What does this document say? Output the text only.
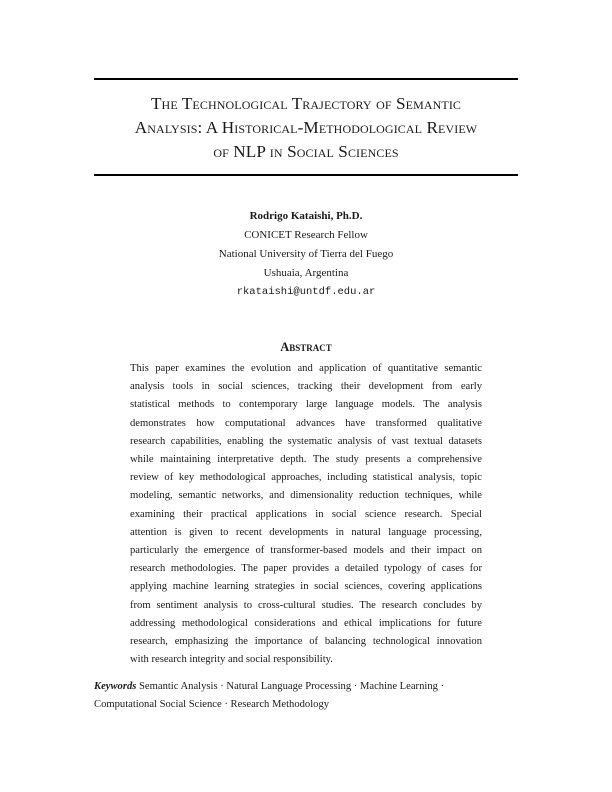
The Technological Trajectory of Semantic
Analysis: A Historical-Methodological Review
of NLP in Social Sciences
Rodrigo Kataishi, Ph.D.
CONICET Research Fellow
National University of Tierra del Fuego
Ushuaia, Argentina
rkataishi@untdf.edu.ar
Abstract
This paper examines the evolution and application of quantitative semantic
analysis tools in social sciences, tracking their development from early
statistical methods to contemporary large language models. The analysis
demonstrates how computational advances have transformed qualitative
research capabilities, enabling the systematic analysis of vast textual datasets
while maintaining interpretative depth. The study presents a comprehensive
review of key methodological approaches, including statistical analysis, topic
modeling, semantic networks, and dimensionality reduction techniques, while
examining their practical applications in social science research. Special
attention is given to recent developments in natural language processing,
particularly the emergence of transformer-based models and their impact on
research methodologies. The paper provides a detailed typology of cases for
applying machine learning strategies in social sciences, covering applications
from sentiment analysis to cross-cultural studies. The research concludes by
addressing methodological considerations and ethical implications for future
research, emphasizing the importance of balancing technological innovation
with research integrity and social responsibility.
Keywords Semantic Analysis · Natural Language Processing · Machine Learning ·
Computational Social Science · Research Methodology
